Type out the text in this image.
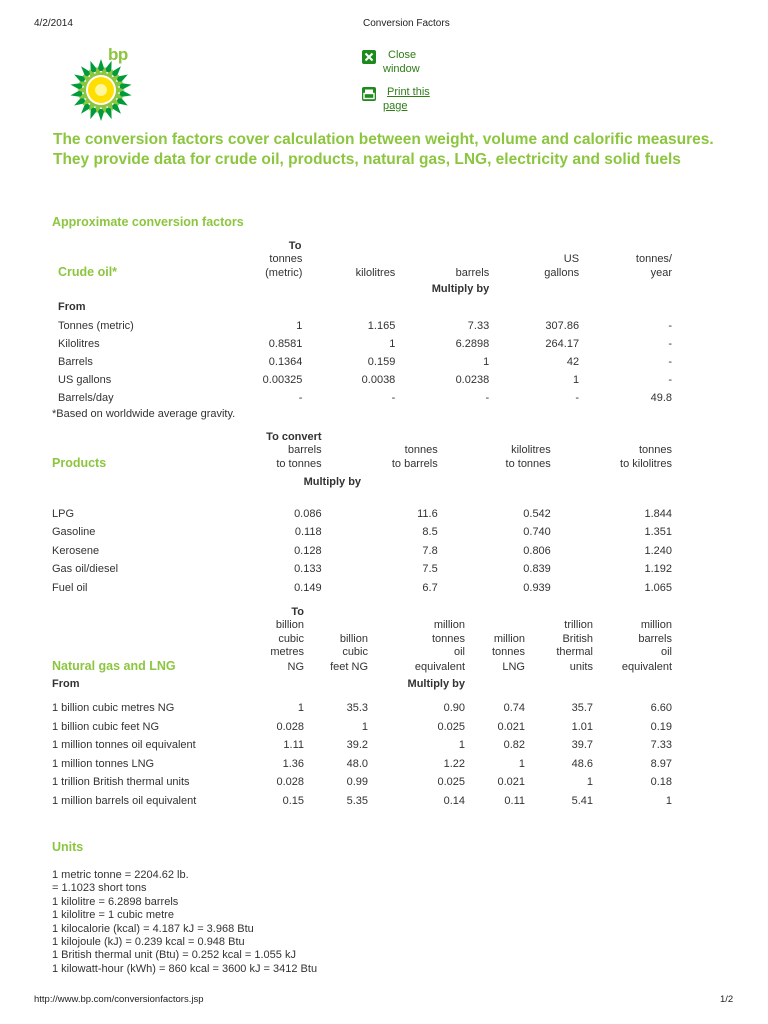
4/2/2014	Conversion Factors
bp	Close
window
Print this
page
The conversion factors cover calculation between weight, volume and calorific measures. They provide data for crude oil, products, natural gas, LNG, electricity and solid fuels
Approximate conversion factors
	To				
Crude oil*	tonnes			US	tonnes/
	(metric)	kilolitres	barrels	gallons	year
			Multiply by		
From					
Tonnes (metric)	1	1.165	7.33	307.86	-
Kilolitres	0.8581	1	6.2898	264.17	-
Barrels	0.1364	0.159	1	42	-
US gallons	0.00325	0.0038	0.0238	1	-
Barrels/day	-	-	-	-	49.8
*Based on worldwide average gravity.
	To convert			
Products	barrels	tonnes	kilolitres	tonnes
	to tonnes	to barrels	to tonnes	to kilolitres
		Multiply by		

LPG	0.086	11.6	0.542	1.844
Gasoline	0.118	8.5	0.740	1.351
Kerosene	0.128	7.8	0.806	1.240
Gas oil/diesel	0.133	7.5	0.839	1.192
Fuel oil	0.149	6.7	0.939	1.065
	To					
	billion		million		trillion	million
	cubic	billion	tonnes	million	British	barrels
	metres	cubic	oil	tonnes	thermal	oil
Natural gas and LNG	NG	feet NG	equivalent	LNG	units	equivalent
From			Multiply by			
1 billion cubic metres NG	1	35.3	0.90	0.74	35.7	6.60
1 billion cubic feet NG	0.028	1	0.025	0.021	1.01	0.19
1 million tonnes oil equivalent	1.11	39.2	1	0.82	39.7	7.33
1 million tonnes LNG	1.36	48.0	1.22	1	48.6	8.97
1 trillion British thermal units	0.028	0.99	0.025	0.021	1	0.18
1 million barrels oil equivalent	0.15	5.35	0.14	0.11	5.41	1
Units
1 metric tonne = 2204.62 lb.
= 1.1023 short tons
1 kilolitre = 6.2898 barrels
1 kilolitre = 1 cubic metre
1 kilocalorie (kcal) = 4.187 kJ = 3.968 Btu
1 kilojoule (kJ) = 0.239 kcal = 0.948 Btu
1 British thermal unit (Btu) = 0.252 kcal = 1.055 kJ
1 kilowatt-hour (kWh) = 860 kcal = 3600 kJ = 3412 Btu
http://www.bp.com/conversionfactors.jsp	1/2
